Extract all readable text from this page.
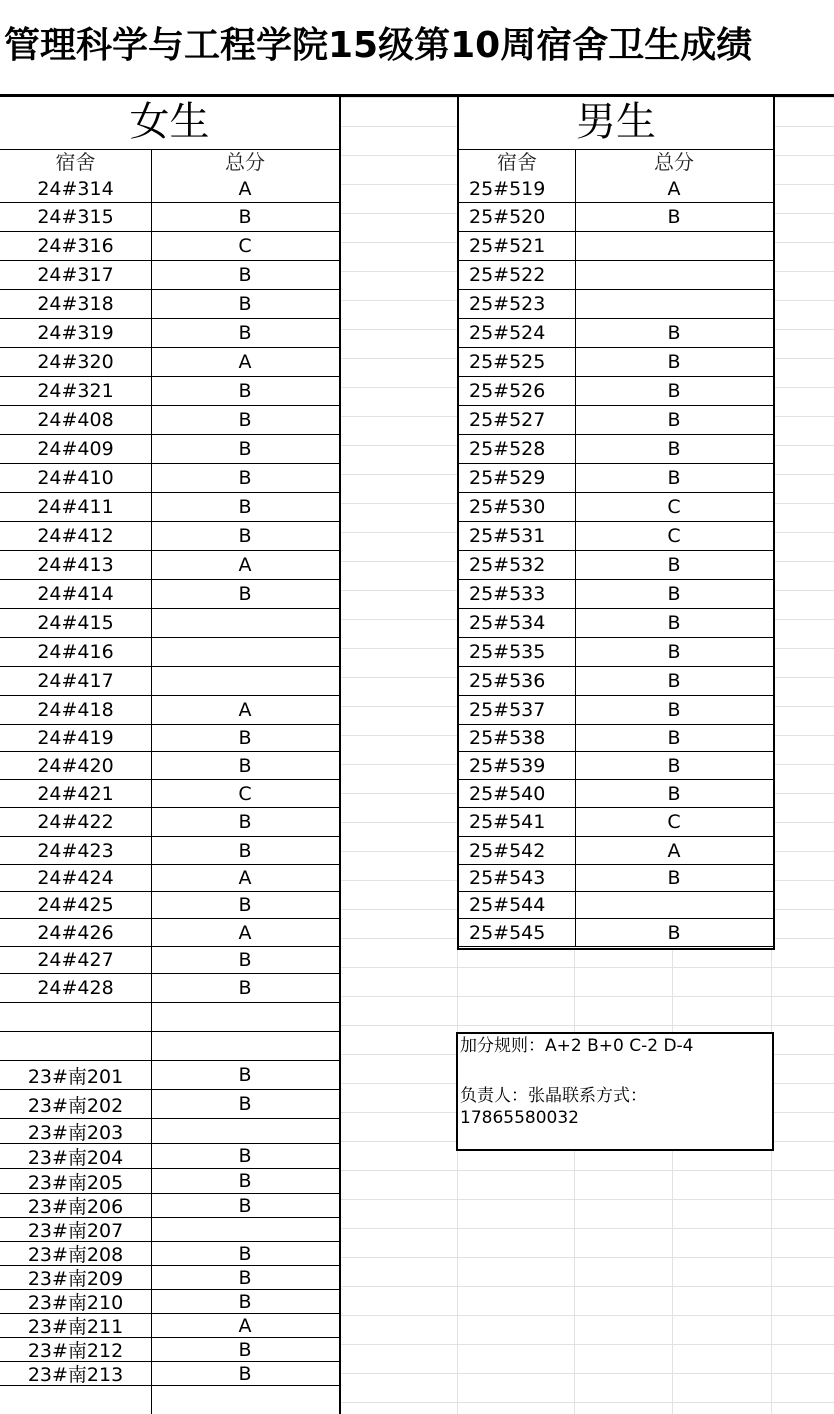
管理科学与工程学院15级第10周宿舍卫生成绩
女生
宿舍	总分
24#314	A
24#315	B
24#316	C
24#317	B
24#318	B
24#319	B
24#320	A
24#321	B
24#408	B
24#409	B
24#410	B
24#411	B
24#412	B
24#413	A
24#414	B
24#415
24#416
24#417
24#418	A
24#419	B
24#420	B
24#421	C
24#422	B
24#423	B
24#424	A
24#425	B
24#426	A
24#427	B
24#428	B
23#南201	B
23#南202	B
23#南203
23#南204	B
23#南205	B
23#南206	B
23#南207
23#南208	B
23#南209	B
23#南210	B
23#南211	A
23#南212	B
23#南213	B
男生
宿舍	总分
25#519	A
25#520	B
25#521
25#522
25#523
25#524	B
25#525	B
25#526	B
25#527	B
25#528	B
25#529	B
25#530	C
25#531	C
25#532	B
25#533	B
25#534	B
25#535	B
25#536	B
25#537	B
25#538	B
25#539	B
25#540	B
25#541	C
25#542	A
25#543	B
25#544
25#545	B
加分规则：A+2 B+0 C-2 D-4
负责人：张晶联系方式：
17865580032
